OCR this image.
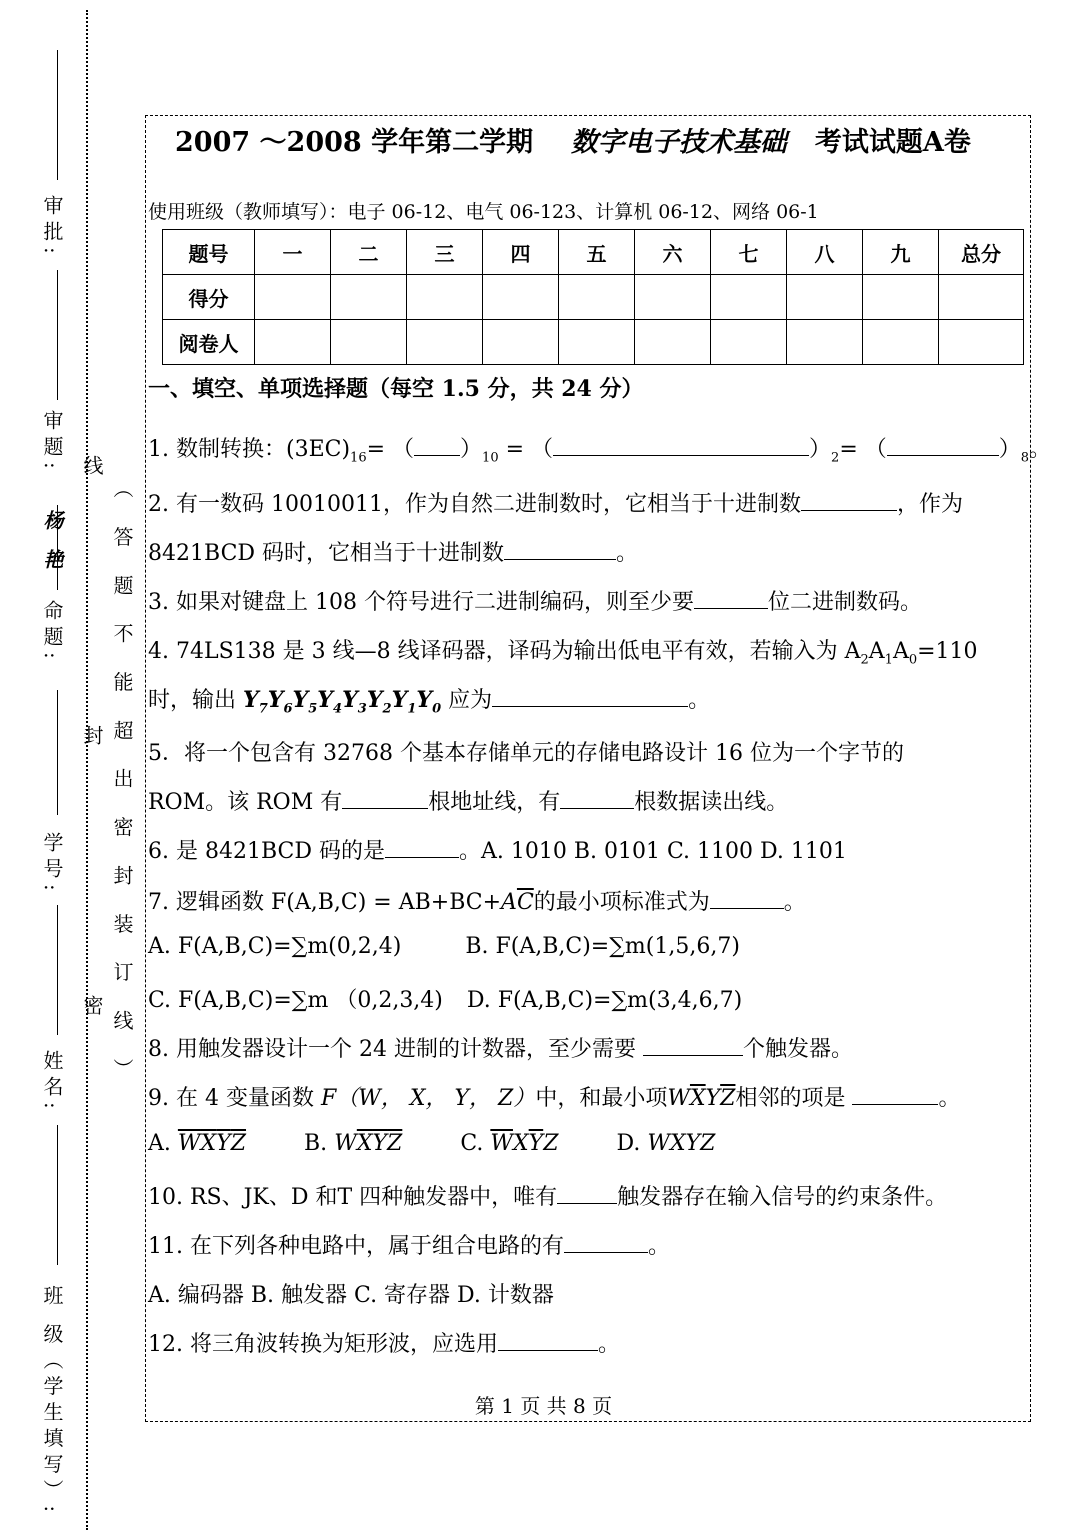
审批:
审题: 线
杨 艳
命题: （ 答 题 不 能 超 出 密 封 装 订 线 ）
封
学号:
密
姓名:
班 级（学生填写）:
2007 ～2008 学年第二学期 数字电子技术基础 考试试题A卷
使用班级（教师填写）：电子 06-12、电气 06-123、计算机 06-12、网络 06-1
题号	一	二	三	四	五	六	七	八	九	总分
得分										
阅卷人										
一、填空、单项选择题（每空 1.5 分，共 24 分）
1. 数制转换：$(3EC)_{16}=$ （ ）$_{10}$ = （	）$_2=$ （	）$_8$。
2. 有一数码 10010011，作为自然二进制数时，它相当于十进制数	，作为
8421BCD 码时，它相当于十进制数	。
3. 如果对键盘上 108 个符号进行二进制编码，则至少要	位二进制数码。
4. 74LS138 是 3 线—8 线译码器，译码为输出低电平有效，若输入为 $A_2A_1A_0=110$
时，输出 $Y_7Y_6Y_5Y_4Y_3Y_2Y_1Y_0$ 应为	。
5．将一个包含有 32768 个基本存储单元的存储电路设计 16 位为一个字节的
ROM。该 ROM 有	根地址线，有	根数据读出线。
6. 是 8421BCD 码的是	。A. 1010 B. 0101 C. 1100 D. 1101
7. 逻辑函数 $F(A,B,C) = AB+BC+A\overline{C}$的最小项标准式为	。
A. F(A,B,C)=∑m(0,2,4)	B. F(A,B,C)=∑m(1,5,6,7)
C. F(A,B,C)=∑m （0,2,3,4) D. F(A,B,C)=∑m(3,4,6,7)
8. 用触发器设计一个 24 进制的计数器，至少需要	个触发器。
9. 在 4 变量函数 F（W， X， Y， Z）中，和最小项$W\overline{X}Y\overline{Z}$相邻的项是	。
A. $\overline{W}\overline{X}\overline{Y}\overline{Z}$	B. $W\overline{X}\overline{Y}\overline{Z}$	C. $\overline{W}X\overline{Y}Z$	D. WXYZ
10. RS、JK、D 和T 四种触发器中，唯有	触发器存在输入信号的约束条件。
11. 在下列各种电路中，属于组合电路的有	。
A. 编码器 B. 触发器 C. 寄存器 D. 计数器
12. 将三角波转换为矩形波，应选用	。
第 1 页 共 8 页
